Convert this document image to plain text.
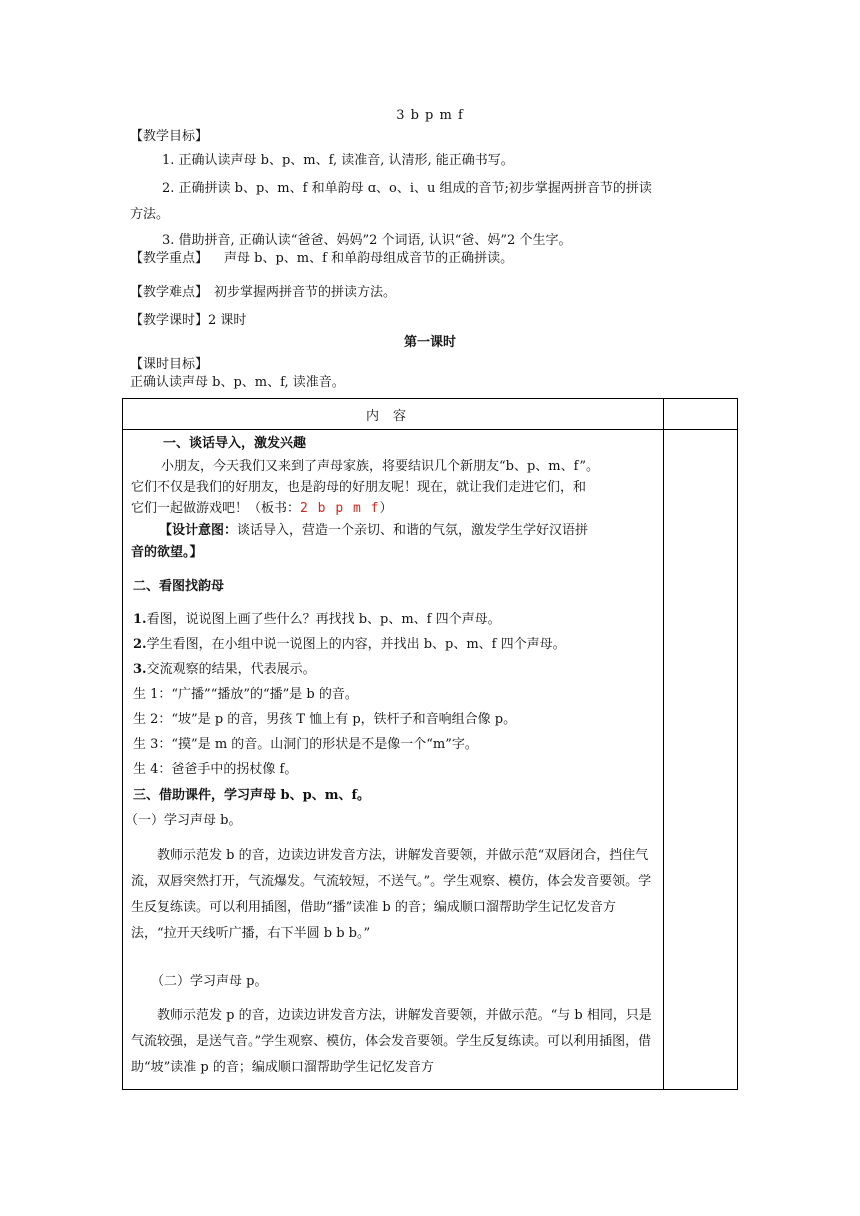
3 b p m f
【教学目标】
1. 正确认读声母 b、p、m、f, 读准音, 认清形, 能正确书写。
2. 正确拼读 b、p、m、f 和单韵母 ɑ、o、i、u 组成的音节;初步掌握两拼音节的拼读
方法。
3. 借助拼音, 正确认读“爸爸、妈妈”2 个词语, 认识“爸、妈”2 个生字。
【教学重点】 声母 b、p、m、f 和单韵母组成音节的正确拼读。
【教学难点】 初步掌握两拼音节的拼读方法。
【教学课时】2 课时
第一课时
【课时目标】
正确认读声母 b、p、m、f, 读准音。
内容
一、谈话导入，激发兴趣
小朋友，今天我们又来到了声母家族，将要结识几个新朋友“b、p、m、f”。
它们不仅是我们的好朋友，也是韵母的好朋友呢！现在，就让我们走进它们，和
它们一起做游戏吧！（板书：2 b p m f）
【设计意图：谈话导入，营造一个亲切、和谐的气氛，激发学生学好汉语拼
音的欲望。】
二、看图找韵母
1.看图，说说图上画了些什么？再找找 b、p、m、f 四个声母。
2.学生看图，在小组中说一说图上的内容，并找出 b、p、m、f 四个声母。
3.交流观察的结果，代表展示。
生 1：“广播”“播放”的“播”是 b 的音。
生 2：“坡”是 p 的音，男孩 T 恤上有 p，铁杆子和音响组合像 p。
生 3：“摸”是 m 的音。山洞门的形状是不是像一个“m”字。
生 4：爸爸手中的拐杖像 f。
三、借助课件，学习声母 b、p、m、f。
（一）学习声母 b。
教师示范发 b 的音，边读边讲发音方法，讲解发音要领，并做示范“双唇闭合，挡住气流，双唇突然打开，气流爆发。气流较短，不送气。”。学生观察、模仿，体会发音要领。学生反复练读。可以利用插图，借助“播”读准 b 的音；编成顺口溜帮助学生记忆发音方法，“拉开天线听广播，右下半圆 b b b。”
（二）学习声母 p。
教师示范发 p 的音，边读边讲发音方法，讲解发音要领，并做示范。“与 b 相同，只是气流较强，是送气音。”学生观察、模仿，体会发音要领。学生反复练读。可以利用插图，借助“坡”读准 p 的音；编成顺口溜帮助学生记忆发音方
